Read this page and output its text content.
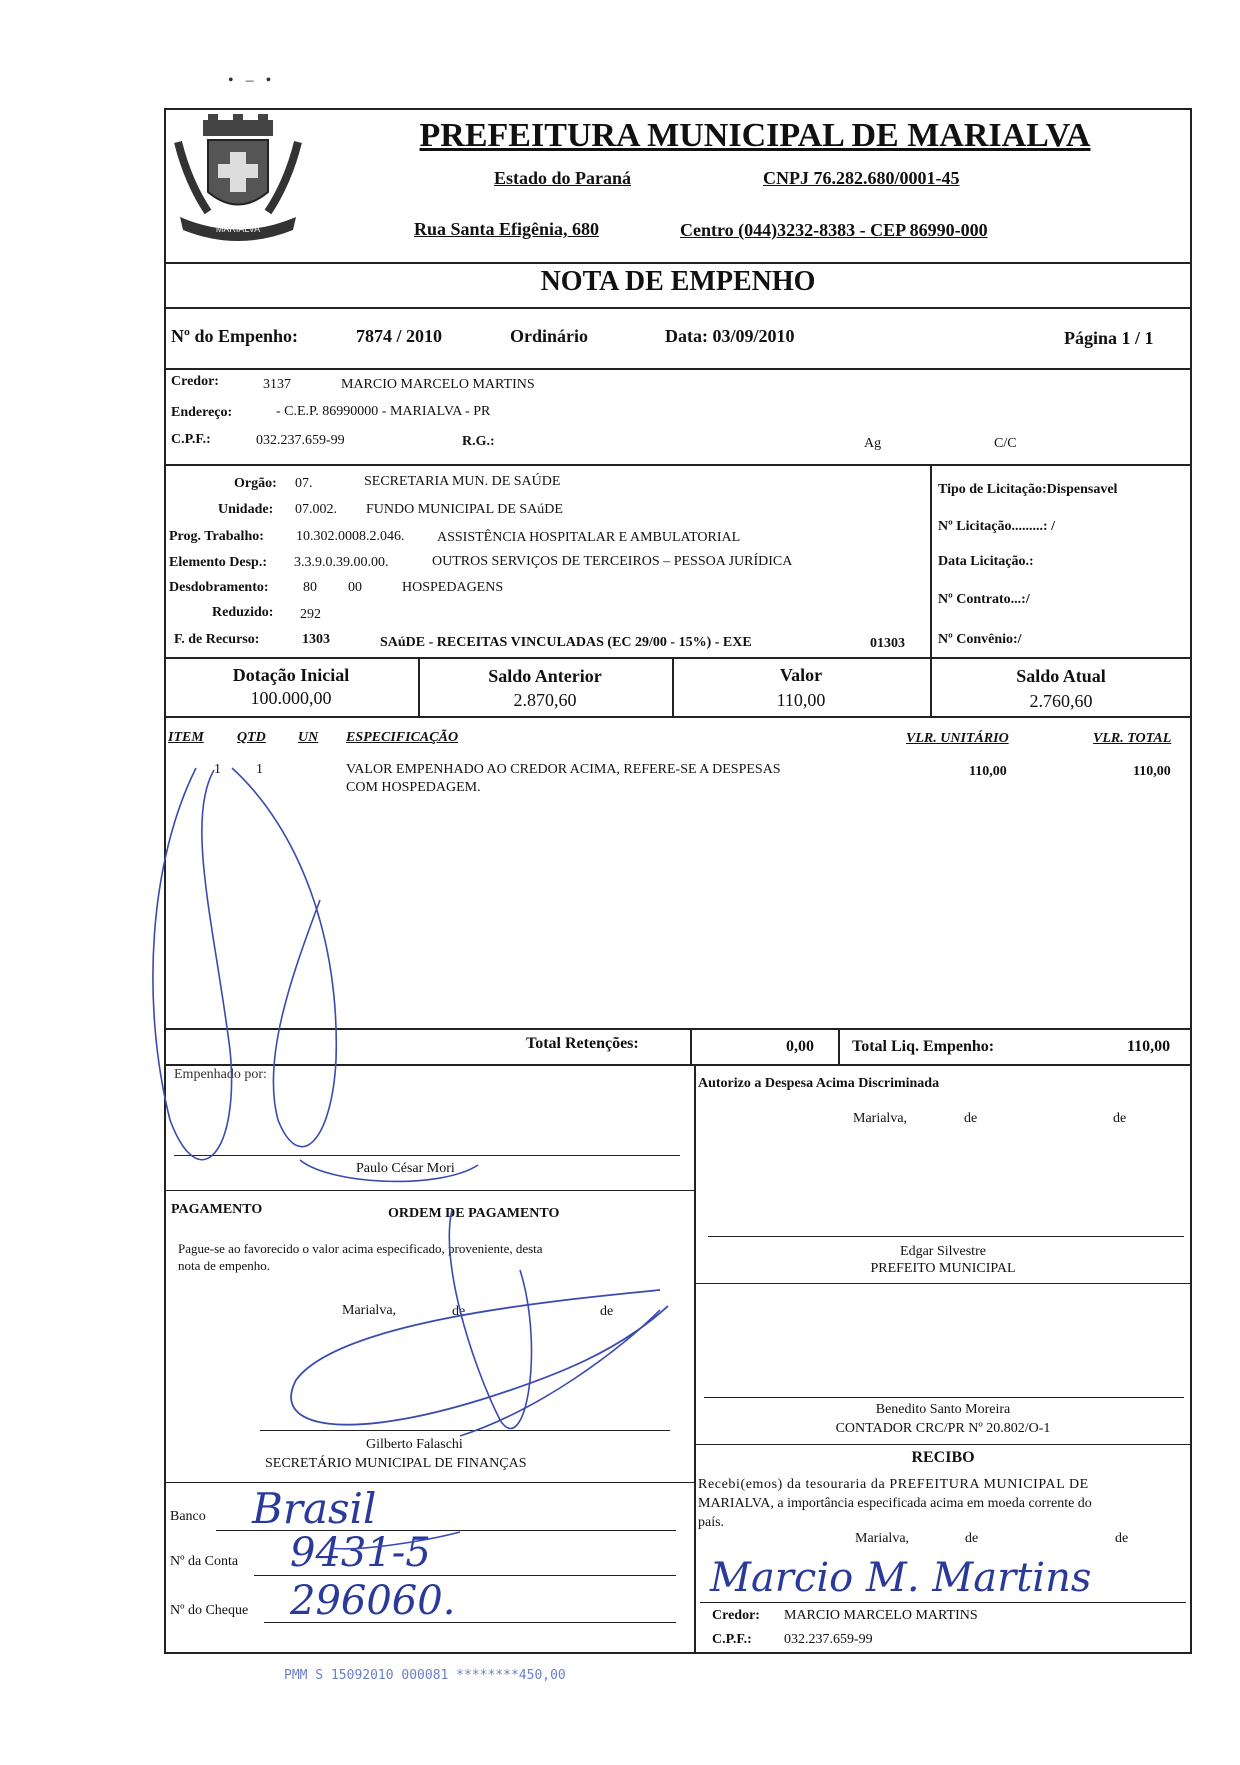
•   –   •
MARIALVA
PREFEITURA MUNICIPAL DE MARIALVA
Estado do Paraná	CNPJ 76.282.680/0001-45
Rua Santa Efigênia, 680	Centro (044)3232-8383 - CEP 86990-000
NOTA DE EMPENHO
Nº do Empenho:	7874 / 2010	Ordinário	Data: 03/09/2010	Página 1 / 1
Credor:	3137	MARCIO MARCELO MARTINS
Endereço:	- C.E.P. 86990000 - MARIALVA - PR
C.P.F.:	032.237.659-99	R.G.:	Ag	C/C
Orgão: 07.	SECRETARIA MUN. DE SAÚDE
Unidade: 07.002. FUNDO MUNICIPAL DE SAúDE
Prog. Trabalho: 10.302.0008.2.046. ASSISTÊNCIA HOSPITALAR E AMBULATORIAL
Elemento Desp.: 3.3.9.0.39.00.00.	OUTROS SERVIÇOS DE TERCEIROS – PESSOA JURÍDICA
Desdobramento: 80 00	HOSPEDAGENS
Reduzido: 292
F. de Recurso:	1303	SAúDE - RECEITAS VINCULADAS (EC 29/00 - 15%) - EXE	01303
Tipo de Licitação:Dispensavel
Nº Licitação.........: /
Data Licitação.:
Nº Contrato...:/
Nº Convênio:/
Dotação Inicial
100.000,00
Saldo Anterior
2.870,60
Valor
110,00
Saldo Atual
2.760,60
ITEM QTD UN ESPECIFICAÇÃO	VLR. UNITÁRIO	VLR. TOTAL
1	1	VALOR EMPENHADO AO CREDOR ACIMA, REFERE-SE A DESPESAS
COM HOSPEDAGEM.
110,00	110,00
Total Retenções:	0,00 Total Liq. Empenho:	110,00
Empenhado por:
Paulo César Mori
PAGAMENTO	ORDEM DE PAGAMENTO
Pague-se ao favorecido o valor acima especificado, proveniente, desta
nota de empenho.
Marialva,	de	de
Gilberto Falaschi
SECRETÁRIO MUNICIPAL DE FINANÇAS
Banco Brasil
Nº da Conta 9431-5
Nº do Cheque 296060.
Autorizo a Despesa Acima Discriminada
Marialva,	de	de
Edgar Silvestre
PREFEITO MUNICIPAL
Benedito Santo Moreira
CONTADOR CRC/PR Nº 20.802/O-1
RECIBO
Recebi(emos) da tesouraria da PREFEITURA MUNICIPAL DE
MARIALVA, a importância especificada acima em moeda corrente do
país.
Marialva,	de	de
Marcio M. Martins
Credor: MARCIO MARCELO MARTINS
C.P.F.: 032.237.659-99
PMM S 15092010 000081 ********450,00
